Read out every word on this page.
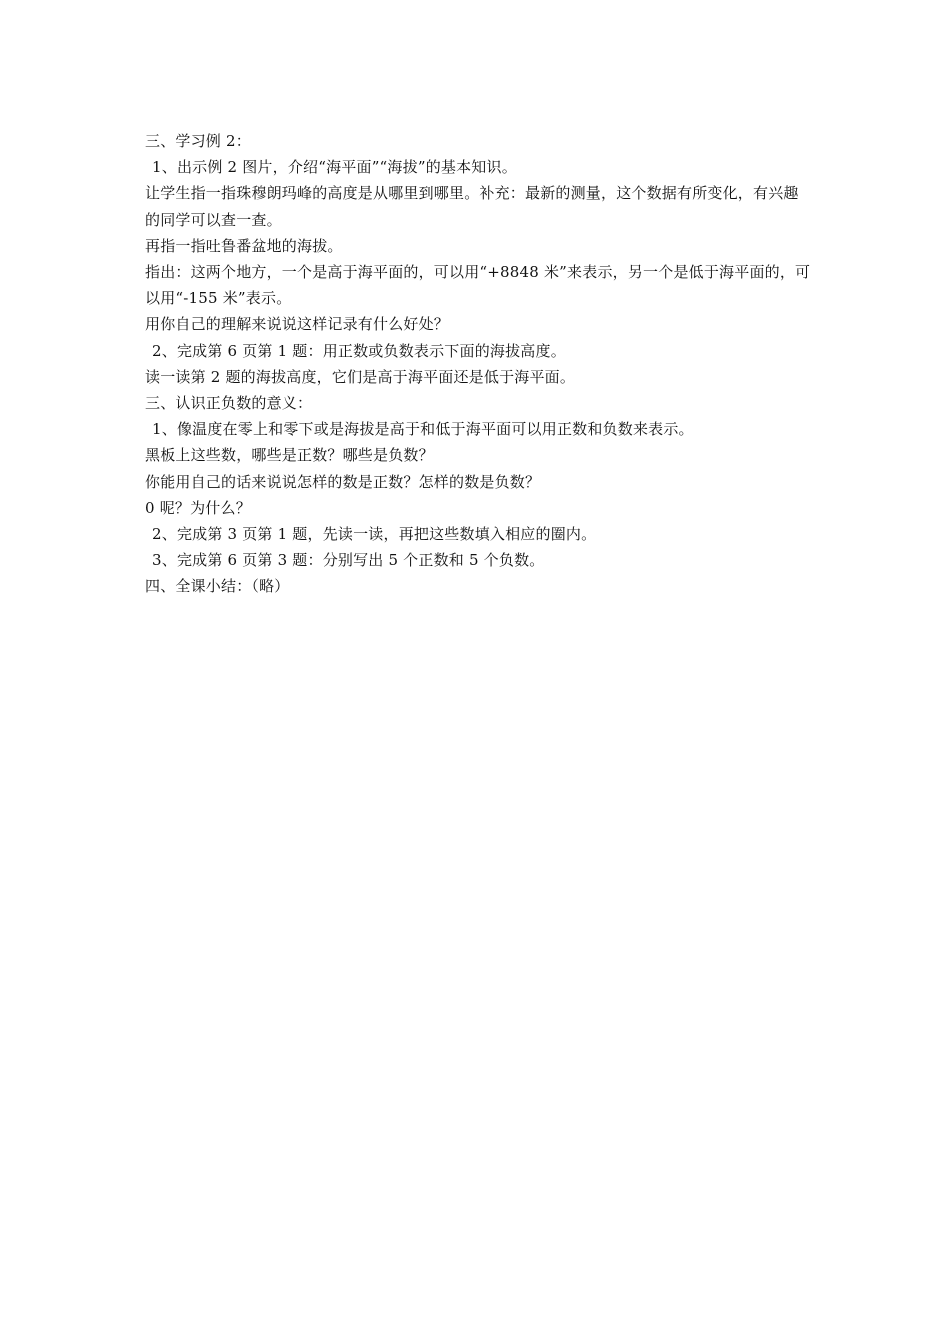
三、学习例 2：
1、出示例 2 图片，介绍“海平面”“海拔”的基本知识。
让学生指一指珠穆朗玛峰的高度是从哪里到哪里。补充：最新的测量，这个数据有所变化，有兴趣的同学可以查一查。
再指一指吐鲁番盆地的海拔。
指出：这两个地方，一个是高于海平面的，可以用“+8848 米”来表示，另一个是低于海平面的，可以用“-155 米”表示。
用你自己的理解来说说这样记录有什么好处？
2、完成第 6 页第 1 题：用正数或负数表示下面的海拔高度。
读一读第 2 题的海拔高度，它们是高于海平面还是低于海平面。
三、认识正负数的意义：
1、像温度在零上和零下或是海拔是高于和低于海平面可以用正数和负数来表示。
黑板上这些数，哪些是正数？哪些是负数？
你能用自己的话来说说怎样的数是正数？怎样的数是负数？
0 呢？为什么？
2、完成第 3 页第 1 题，先读一读，再把这些数填入相应的圈内。
3、完成第 6 页第 3 题：分别写出 5 个正数和 5 个负数。
四、全课小结：（略）
